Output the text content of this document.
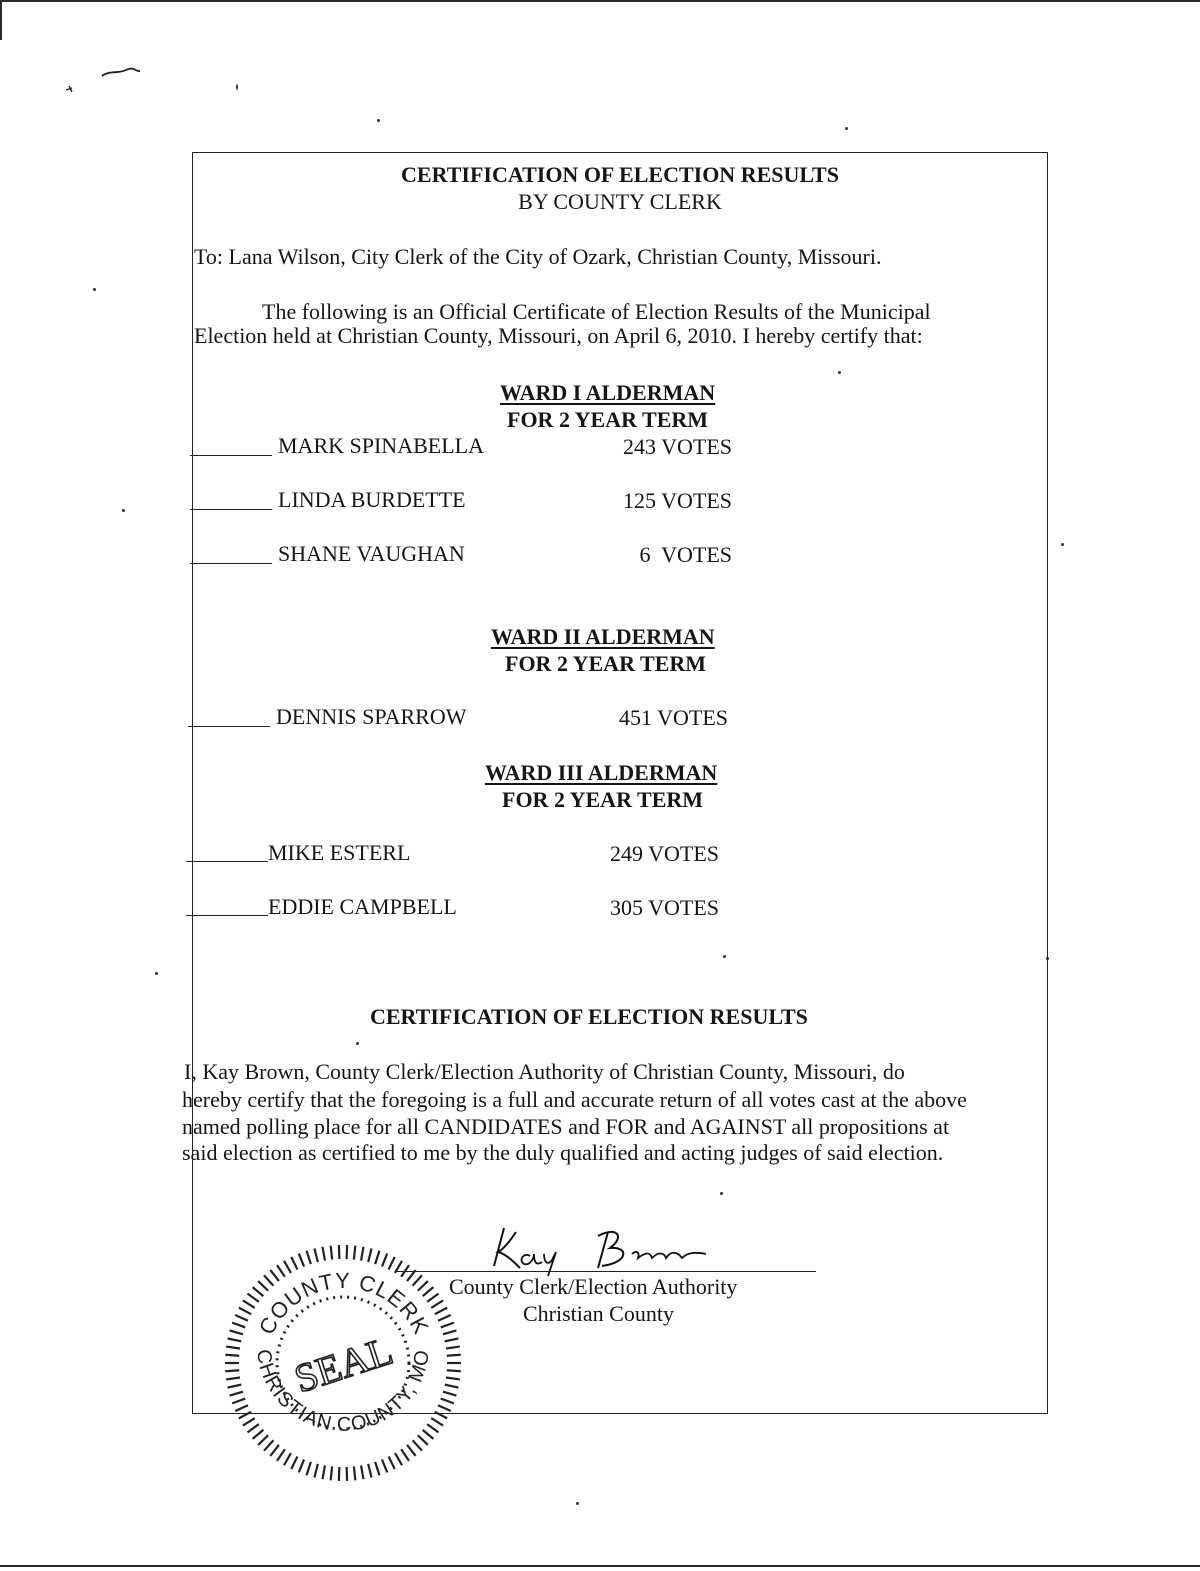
CERTIFICATION OF ELECTION RESULTS
BY COUNTY CLERK
To: Lana Wilson, City Clerk of the City of Ozark, Christian County, Missouri.
The following is an Official Certificate of Election Results of the Municipal
Election held at Christian County, Missouri, on April 6, 2010. I hereby certify that:
WARD I ALDERMAN
FOR 2 YEAR TERM
MARK SPINABELLA	243 VOTES
LINDA BURDETTE	125 VOTES
SHANE VAUGHAN	6  VOTES
WARD II ALDERMAN
FOR 2 YEAR TERM
DENNIS SPARROW	451 VOTES
WARD III ALDERMAN
FOR 2 YEAR TERM
MIKE ESTERL	249 VOTES
EDDIE CAMPBELL	305 VOTES
CERTIFICATION OF ELECTION RESULTS
I, Kay Brown, County Clerk/Election Authority of Christian County, Missouri, do
hereby certify that the foregoing is a full and accurate return of all votes cast at the above
named polling place for all CANDIDATES and FOR and AGAINST all propositions at
said election as certified to me by the duly qualified and acting judges of said election.
County Clerk/Election Authority
Christian County
COUNTY CLERK
CHRISTIAN COUNTY, MO
SEAL
